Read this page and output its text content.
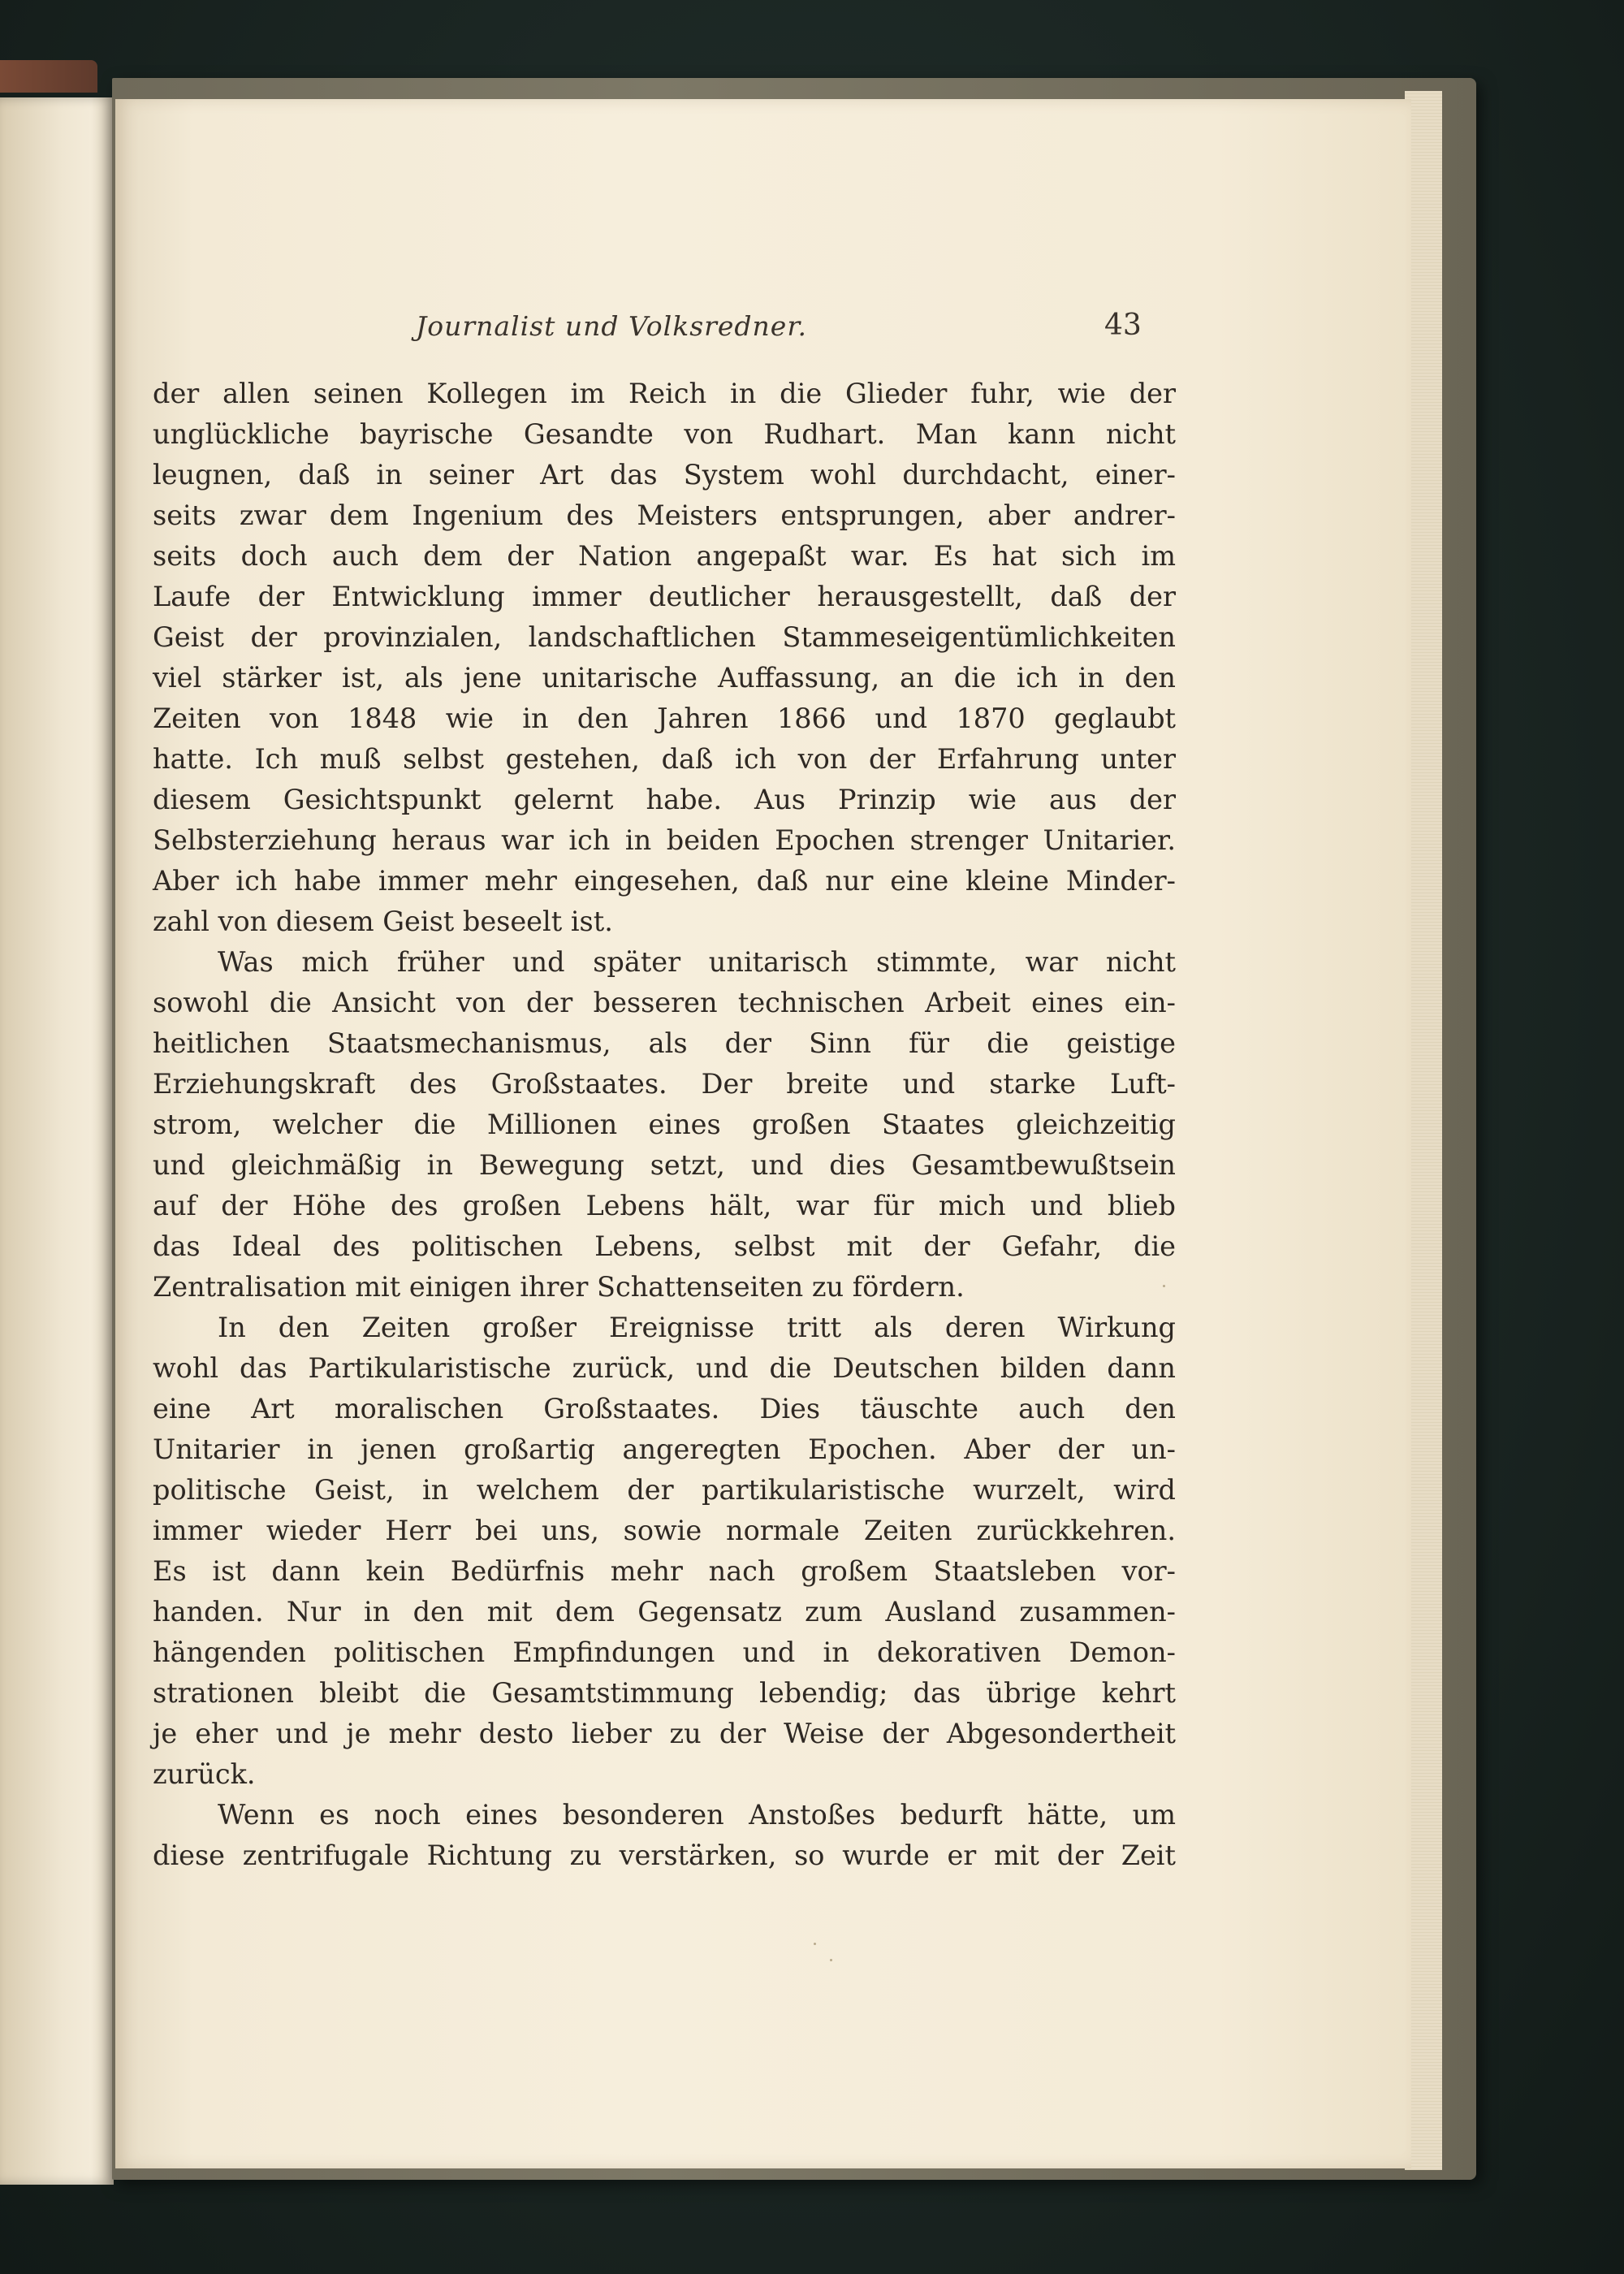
Journalist und Volksredner.	43
der allen seinen Kollegen im Reich in die Glieder fuhr, wie der
unglückliche bayrische Gesandte von Rudhart. Man kann nicht
leugnen, daß in seiner Art das System wohl durchdacht, einer-
seits zwar dem Ingenium des Meisters entsprungen, aber andrer-
seits doch auch dem der Nation angepaßt war. Es hat sich im
Laufe der Entwicklung immer deutlicher herausgestellt, daß der
Geist der provinzialen, landschaftlichen Stammeseigentümlichkeiten
viel stärker ist, als jene unitarische Auffassung, an die ich in den
Zeiten von 1848 wie in den Jahren 1866 und 1870 geglaubt
hatte. Ich muß selbst gestehen, daß ich von der Erfahrung unter
diesem Gesichtspunkt gelernt habe. Aus Prinzip wie aus der
Selbsterziehung heraus war ich in beiden Epochen strenger Unitarier.
Aber ich habe immer mehr eingesehen, daß nur eine kleine Minder-
zahl von diesem Geist beseelt ist.
Was mich früher und später unitarisch stimmte, war nicht
sowohl die Ansicht von der besseren technischen Arbeit eines ein-
heitlichen Staatsmechanismus, als der Sinn für die geistige
Erziehungskraft des Großstaates. Der breite und starke Luft-
strom, welcher die Millionen eines großen Staates gleichzeitig
und gleichmäßig in Bewegung setzt, und dies Gesamtbewußtsein
auf der Höhe des großen Lebens hält, war für mich und blieb
das Ideal des politischen Lebens, selbst mit der Gefahr, die
Zentralisation mit einigen ihrer Schattenseiten zu fördern.
In den Zeiten großer Ereignisse tritt als deren Wirkung
wohl das Partikularistische zurück, und die Deutschen bilden dann
eine Art moralischen Großstaates. Dies täuschte auch den
Unitarier in jenen großartig angeregten Epochen. Aber der un-
politische Geist, in welchem der partikularistische wurzelt, wird
immer wieder Herr bei uns, sowie normale Zeiten zurückkehren.
Es ist dann kein Bedürfnis mehr nach großem Staatsleben vor-
handen. Nur in den mit dem Gegensatz zum Ausland zusammen-
hängenden politischen Empfindungen und in dekorativen Demon-
strationen bleibt die Gesamtstimmung lebendig; das übrige kehrt
je eher und je mehr desto lieber zu der Weise der Abgesondertheit
zurück.
Wenn es noch eines besonderen Anstoßes bedurft hätte, um
diese zentrifugale Richtung zu verstärken, so wurde er mit der Zeit
